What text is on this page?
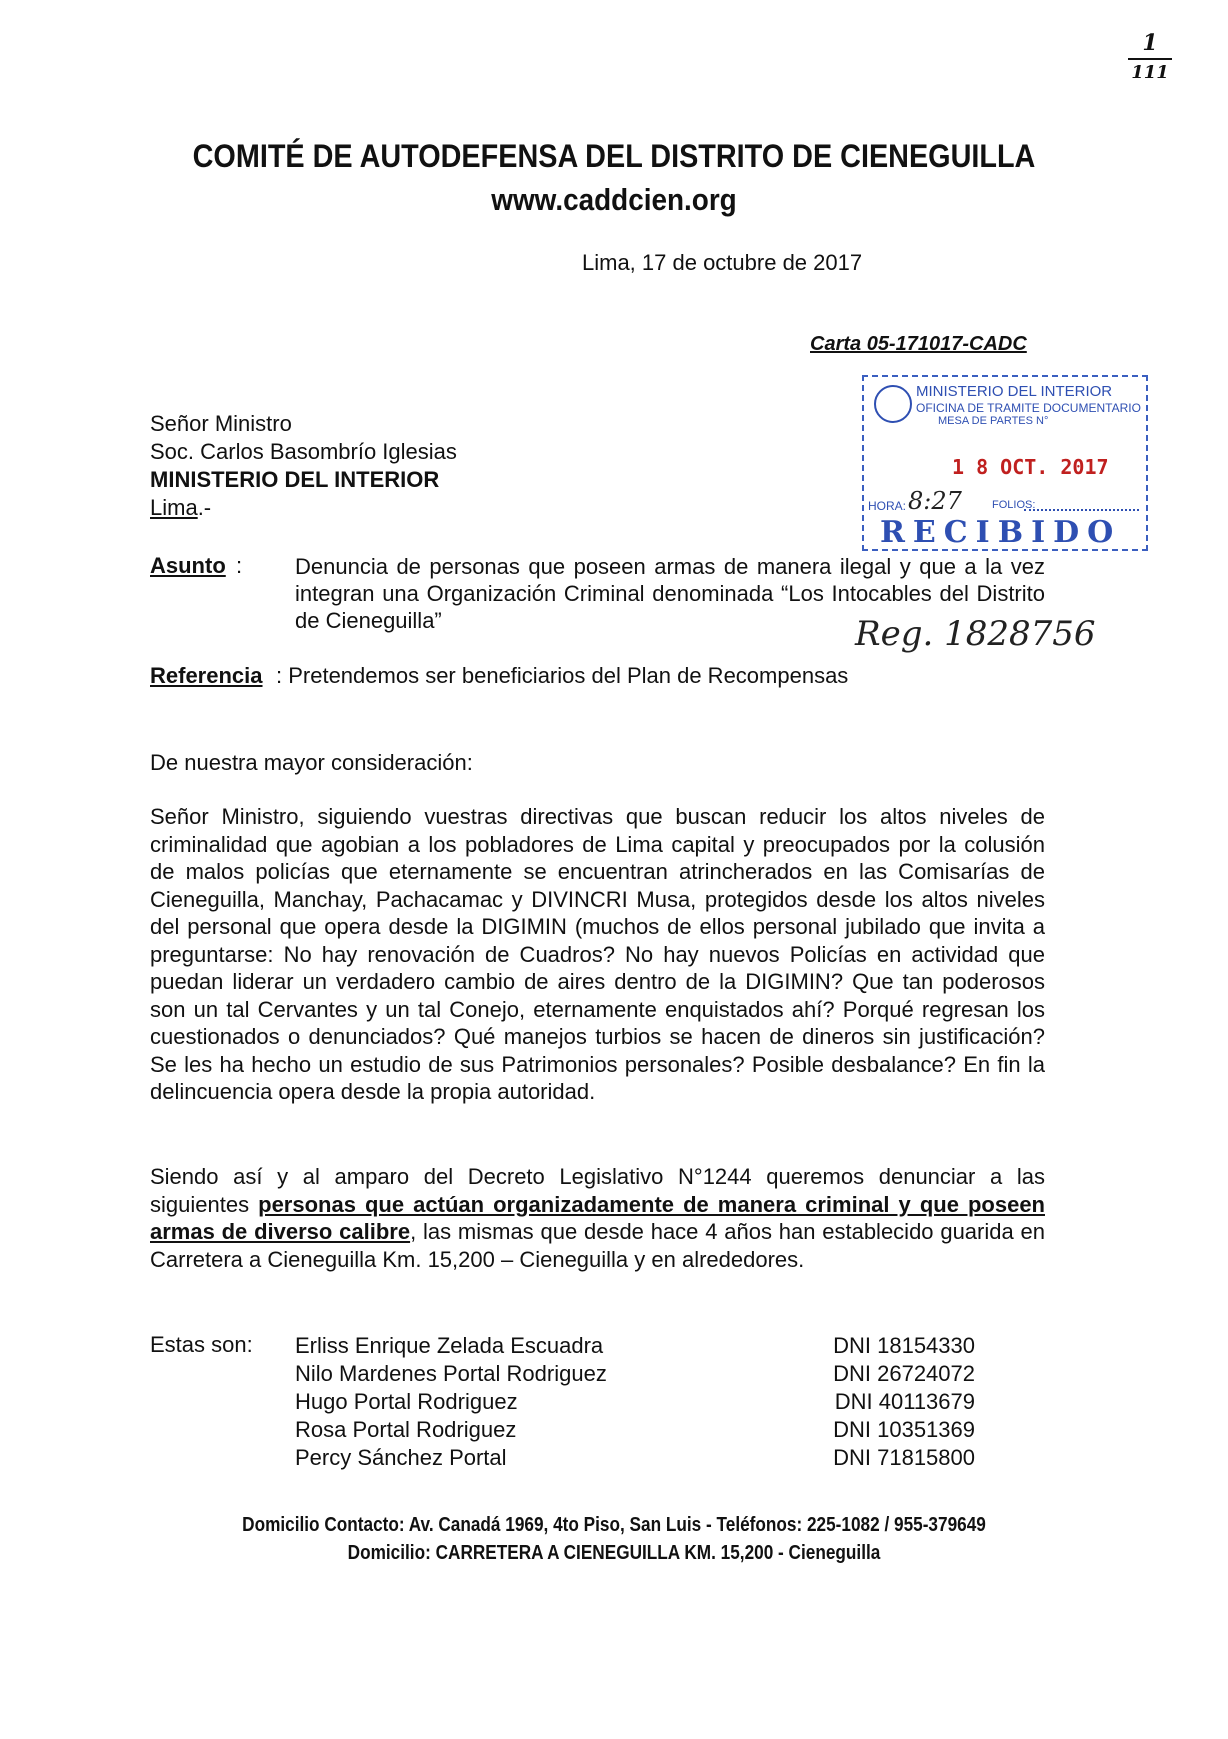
1
111
COMITÉ DE AUTODEFENSA DEL DISTRITO DE CIENEGUILLA
www.caddcien.org
Lima, 17 de octubre de 2017
Carta 05-171017-CADC
Señor Ministro
Soc. Carlos Basombrío Iglesias
MINISTERIO DEL INTERIOR
Lima.-
MINISTERIO DEL INTERIOR
OFICINA DE TRAMITE DOCUMENTARIO
MESA DE PARTES N°
1 8 OCT. 2017
HORA: 8:27	FOLIOS:
RECIBIDO
Asunto : Denuncia de personas que poseen armas de manera ilegal y que a la vez integran una Organización Criminal denominada “Los Intocables del Distrito de Cieneguilla”	Reg. 1828756
Referencia : Pretendemos ser beneficiarios del Plan de Recompensas
De nuestra mayor consideración:
Señor Ministro, siguiendo vuestras directivas que buscan reducir los altos niveles de criminalidad que agobian a los pobladores de Lima capital y preocupados por la colusión de malos policías que eternamente se encuentran atrincherados en las Comisarías de Cieneguilla, Manchay, Pachacamac y DIVINCRI Musa, protegidos desde los altos niveles del personal que opera desde la DIGIMIN (muchos de ellos personal jubilado que invita a preguntarse: No hay renovación de Cuadros? No hay nuevos Policías en actividad que puedan liderar un verdadero cambio de aires dentro de la DIGIMIN? Que tan poderosos son un tal Cervantes y un tal Conejo, eternamente enquistados ahí? Porqué regresan los cuestionados o denunciados? Qué manejos turbios se hacen de dineros sin justificación? Se les ha hecho un estudio de sus Patrimonios personales? Posible desbalance? En fin la delincuencia opera desde la propia autoridad.
Siendo así y al amparo del Decreto Legislativo N°1244 queremos denunciar a las siguientes personas que actúan organizadamente de manera criminal y que poseen armas de diverso calibre, las mismas que desde hace 4 años han establecido guarida en Carretera a Cieneguilla Km. 15,200 – Cieneguilla y en alrededores.
Estas son: Erliss Enrique Zelada Escuadra	DNI 18154330
Nilo Mardenes Portal Rodriguez	DNI 26724072
Hugo Portal Rodriguez	DNI 40113679
Rosa Portal Rodriguez	DNI 10351369
Percy Sánchez Portal	DNI 71815800
Domicilio Contacto: Av. Canadá 1969, 4to Piso, San Luis - Teléfonos: 225-1082 / 955-379649
Domicilio: CARRETERA A CIENEGUILLA KM. 15,200 - Cieneguilla
